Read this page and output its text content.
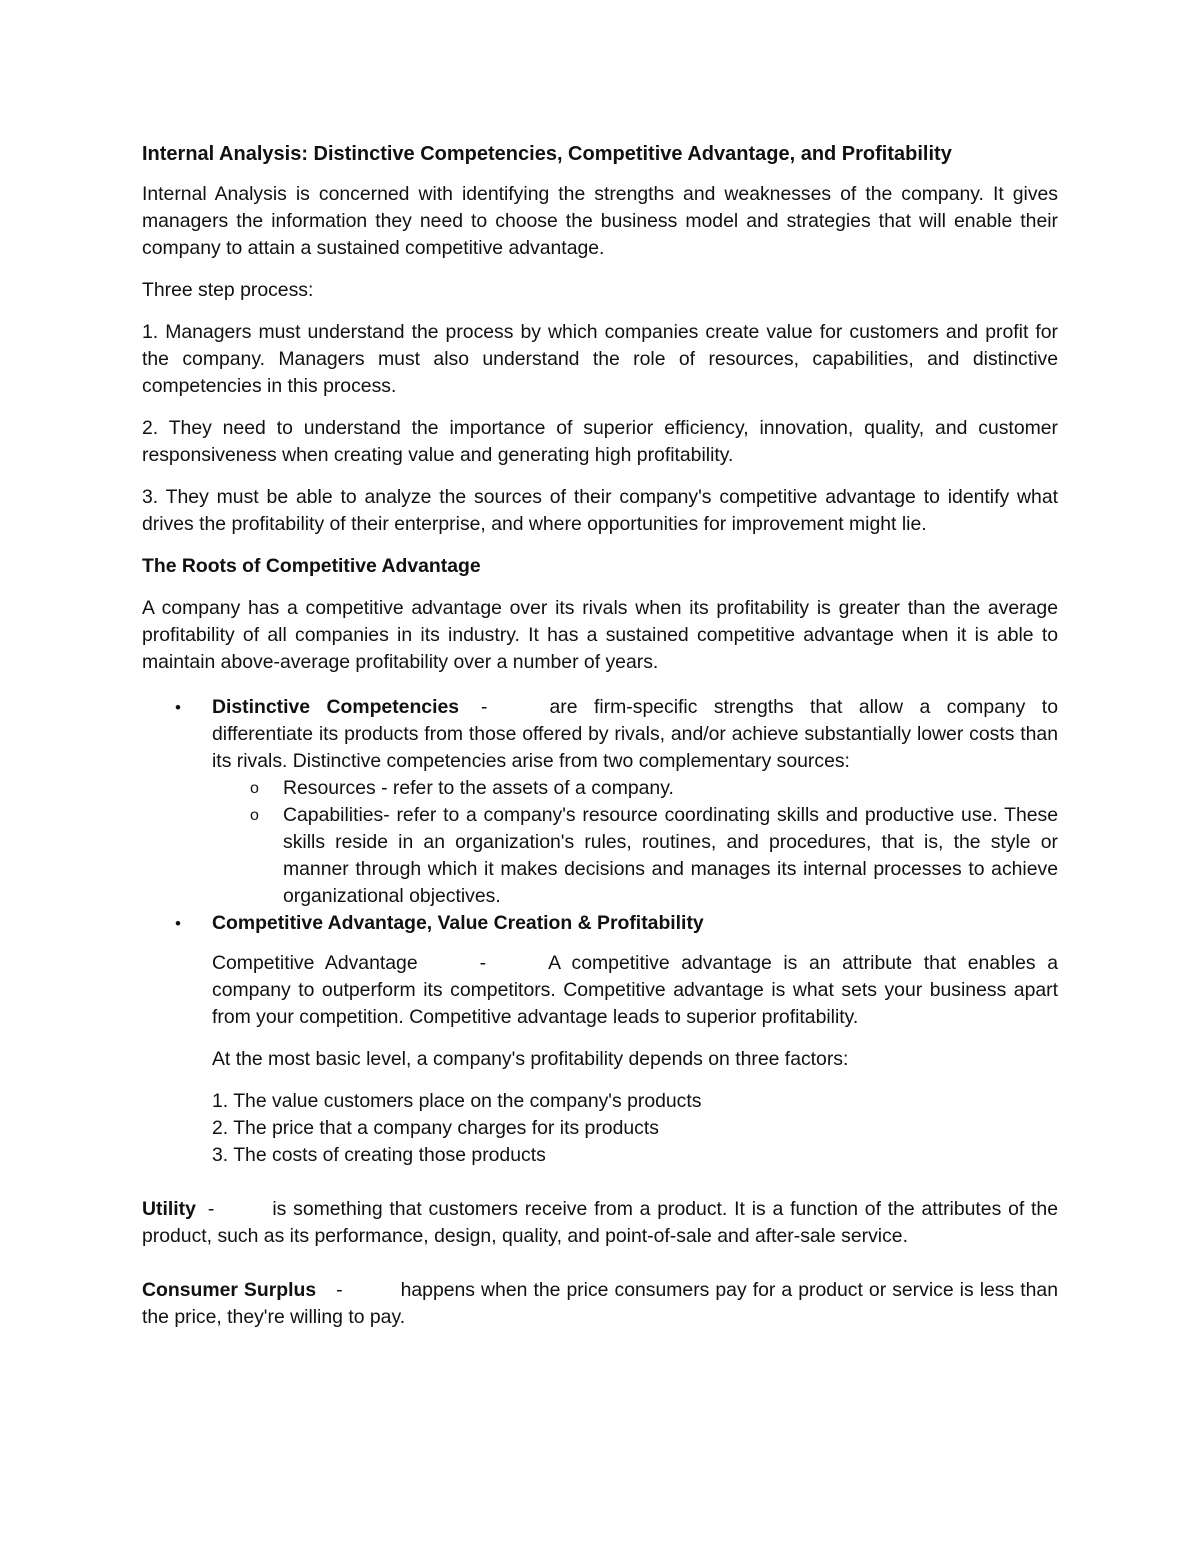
Internal Analysis: Distinctive Competencies, Competitive Advantage, and Profitability

Internal Analysis is concerned with identifying the strengths and weaknesses of the company. It gives managers the information they need to choose the business model and strategies that will enable their company to attain a sustained competitive advantage.

Three step process:

1. Managers must understand the process by which companies create value for customers and profit for the company. Managers must also understand the role of resources, capabilities, and distinctive competencies in this process.

2. They need to understand the importance of superior efficiency, innovation, quality, and customer responsiveness when creating value and generating high profitability.

3. They must be able to analyze the sources of their company's competitive advantage to identify what drives the profitability of their enterprise, and where opportunities for improvement might lie.

The Roots of Competitive Advantage

A company has a competitive advantage over its rivals when its profitability is greater than the average profitability of all companies in its industry. It has a sustained competitive advantage when it is able to maintain above-average profitability over a number of years.

• Distinctive Competencies -	are firm-specific strengths that allow a company to differentiate its products from those offered by rivals, and/or achieve substantially lower costs than its rivals. Distinctive competencies arise from two complementary sources:
o	Resources - refer to the assets of a company.
o	Capabilities- refer to a company's resource coordinating skills and productive use. These skills reside in an organization's rules, routines, and procedures, that is, the style or manner through which it makes decisions and manages its internal processes to achieve organizational objectives.
• Competitive Advantage, Value Creation & Profitability

Competitive Advantage	-	A competitive advantage is an attribute that enables a company to outperform its competitors. Competitive advantage is what sets your business apart from your competition. Competitive advantage leads to superior profitability.

At the most basic level, a company's profitability depends on three factors:

1. The value customers place on the company's products
2. The price that a company charges for its products
3. The costs of creating those products

Utility -	is something that customers receive from a product. It is a function of the attributes of the product, such as its performance, design, quality, and point-of-sale and after-sale service.

Consumer Surplus -	happens when the price consumers pay for a product or service is less than the price, they're willing to pay.
